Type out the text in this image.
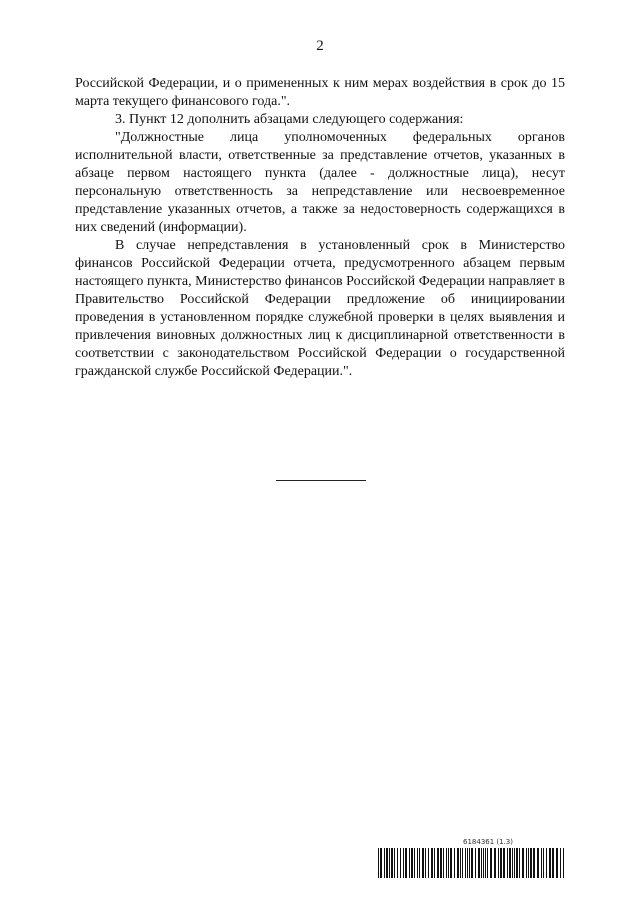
2

Российской Федерации, и о примененных к ним мерах воздействия в срок до 15 марта текущего финансового года.".

3. Пункт 12 дополнить абзацами следующего содержания:

"Должностные лица уполномоченных федеральных органов исполнительной власти, ответственные за представление отчетов, указанных в абзаце первом настоящего пункта (далее - должностные лица), несут персональную ответственность за непредставление или несвоевременное представление указанных отчетов, а также за недостоверность содержащихся в них сведений (информации).

В случае непредставления в установленный срок в Министерство финансов Российской Федерации отчета, предусмотренного абзацем первым настоящего пункта, Министерство финансов Российской Федерации направляет в Правительство Российской Федерации предложение об инициировании проведения в установленном порядке служебной проверки в целях выявления и привлечения виновных должностных лиц к дисциплинарной ответственности в соответствии с законодательством Российской Федерации о государственной гражданской службе Российской Федерации.".

6184361 (1.3)
